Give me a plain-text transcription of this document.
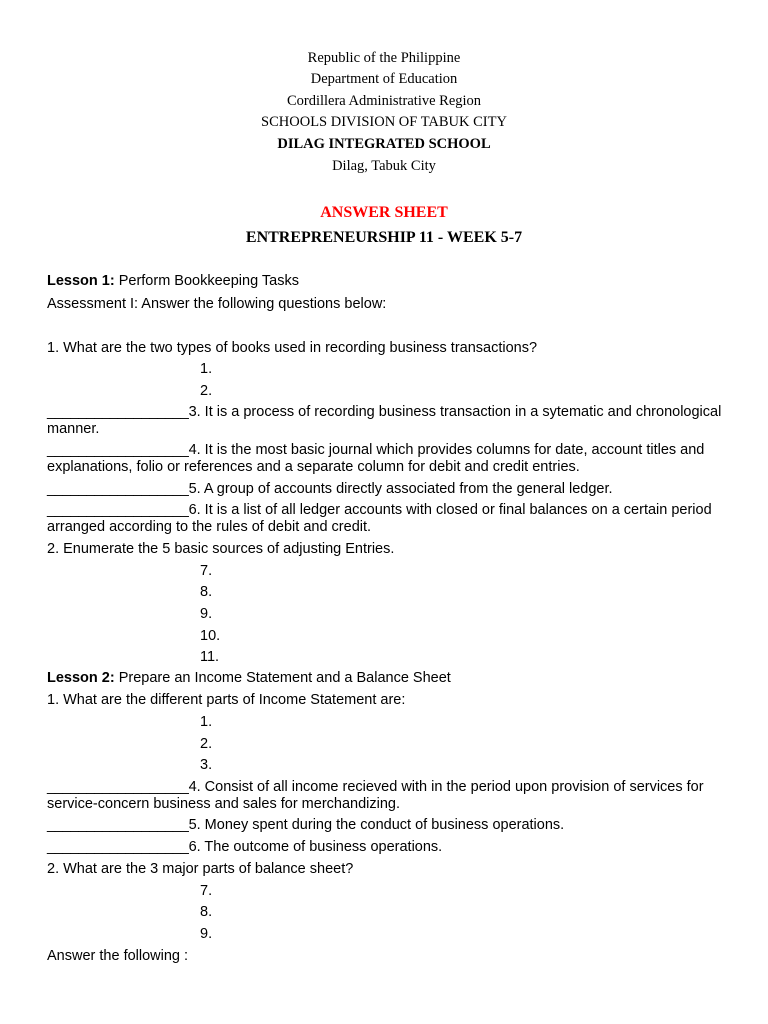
Republic of the Philippine
Department of Education
Cordillera Administrative Region
SCHOOLS DIVISION OF TABUK CITY
DILAG INTEGRATED SCHOOL
Dilag, Tabuk City
ANSWER SHEET
ENTREPRENEURSHIP 11 - WEEK 5-7
Lesson 1: Perform Bookkeeping Tasks
Assessment I: Answer the following questions below:
1. What are the two types of books used in recording business transactions?
1.
2.
__________________3. It is a process of recording business transaction in a sytematic and chronological manner.
__________________4. It is the most basic journal which provides columns for date, account titles and explanations, folio or references and a separate column for debit and credit entries.
__________________5. A group of accounts directly associated from the general ledger.
__________________6. It is a list of all ledger accounts with closed or final balances on a certain period arranged according to the rules of debit and credit.
2. Enumerate the 5 basic sources of adjusting Entries.
7.
8.
9.
10.
11.
Lesson 2: Prepare an Income Statement and a Balance Sheet
1. What are the different parts of Income Statement are:
1.
2.
3.
__________________4. Consist of all income recieved with in the period upon provision of services for service-concern business and sales for merchandizing.
__________________5. Money spent during the conduct of business operations.
__________________6. The outcome of business operations.
2. What are the 3 major parts of balance sheet?
7.
8.
9.
Answer the following :
